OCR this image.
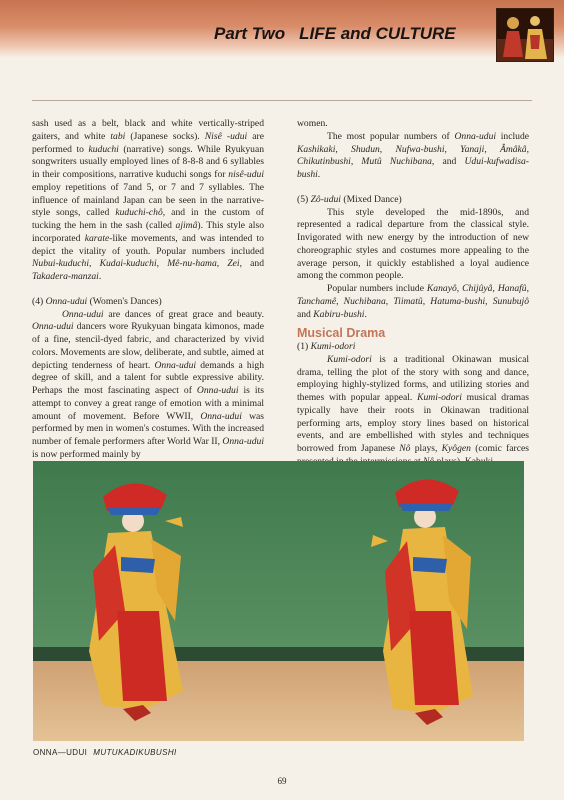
Part Two LIFE and CULTURE

sash used as a belt, black and white vertically-striped gaiters, and white tabi (Japanese socks). Nisê -udui are performed to kuduchi (narrative) songs. While Ryukyuan songwriters usually employed lines of 8-8-8 and 6 syllables in their compositions, narrative kuduchi songs for nisê-udui employ repetitions of 7and 5, or 7 and 7 syllables. The influence of mainland Japan can be seen in the narrative-style songs, called kuduchi-chô, and in the custom of tucking the hem in the sash (called ajimâ). This style also incorporated karate-like movements, and was intended to depict the vitality of youth. Popular numbers included Nubui-kuduchi, Kudai-kuduchi, Mê-nu-hama, Zei, and Takadera-manzai.

(4) Onna-udui (Women's Dances)

Onna-udui are dances of great grace and beauty. Onna-udui dancers wore Ryukyuan bingata kimonos, made of a fine, stencil-dyed fabric, and characterized by vivid colors. Movements are slow, deliberate, and subtle, aimed at depicting tenderness of heart. Onna-udui demands a high degree of skill, and a talent for subtle expressive ability. Perhaps the most fascinating aspect of Onna-udui is its attempt to convey a great range of emotion with a minimal amount of movement. Before WWII, Onna-udui was performed by men in women's costumes. With the increased number of female performers after World War II, Onna-udui is now performed mainly by

women.

The most popular numbers of Onna-udui include Kashikaki, Shudun, Nufwa-bushi, Yanaji, Âmâkâ, Chikutinbushi, Mutû Nuchibana, and Udui-kufwadisa-bushi.

(5) Zô-udui (Mixed Dance)

This style developed the mid-1890s, and represented a radical departure from the classical style. Invigorated with new energy by the introduction of new choreographic styles and costumes more appealing to the average person, it quickly established a loyal audience among the common people.

Popular numbers include Kanayô, Chijûyâ, Hanafû, Tanchamê, Nuchibana, Tiimatû, Hatuma-bushi, Sunubujô and Kabiru-bushi.

Musical Drama

(1) Kumi-odori

Kumi-odori is a traditional Okinawan musical drama, telling the plot of the story with song and dance, employing highly-stylized forms, and utilizing stories and themes with popular appeal. Kumi-odori musical dramas typically have their roots in Okinawan traditional performing arts, employ story lines based on historical events, and are embellished with styles and techniques borrowed from Japanese Nô plays, Kyôgen (comic farces

ONNA—UDUI MUTUKADIKUBUSHI
69
